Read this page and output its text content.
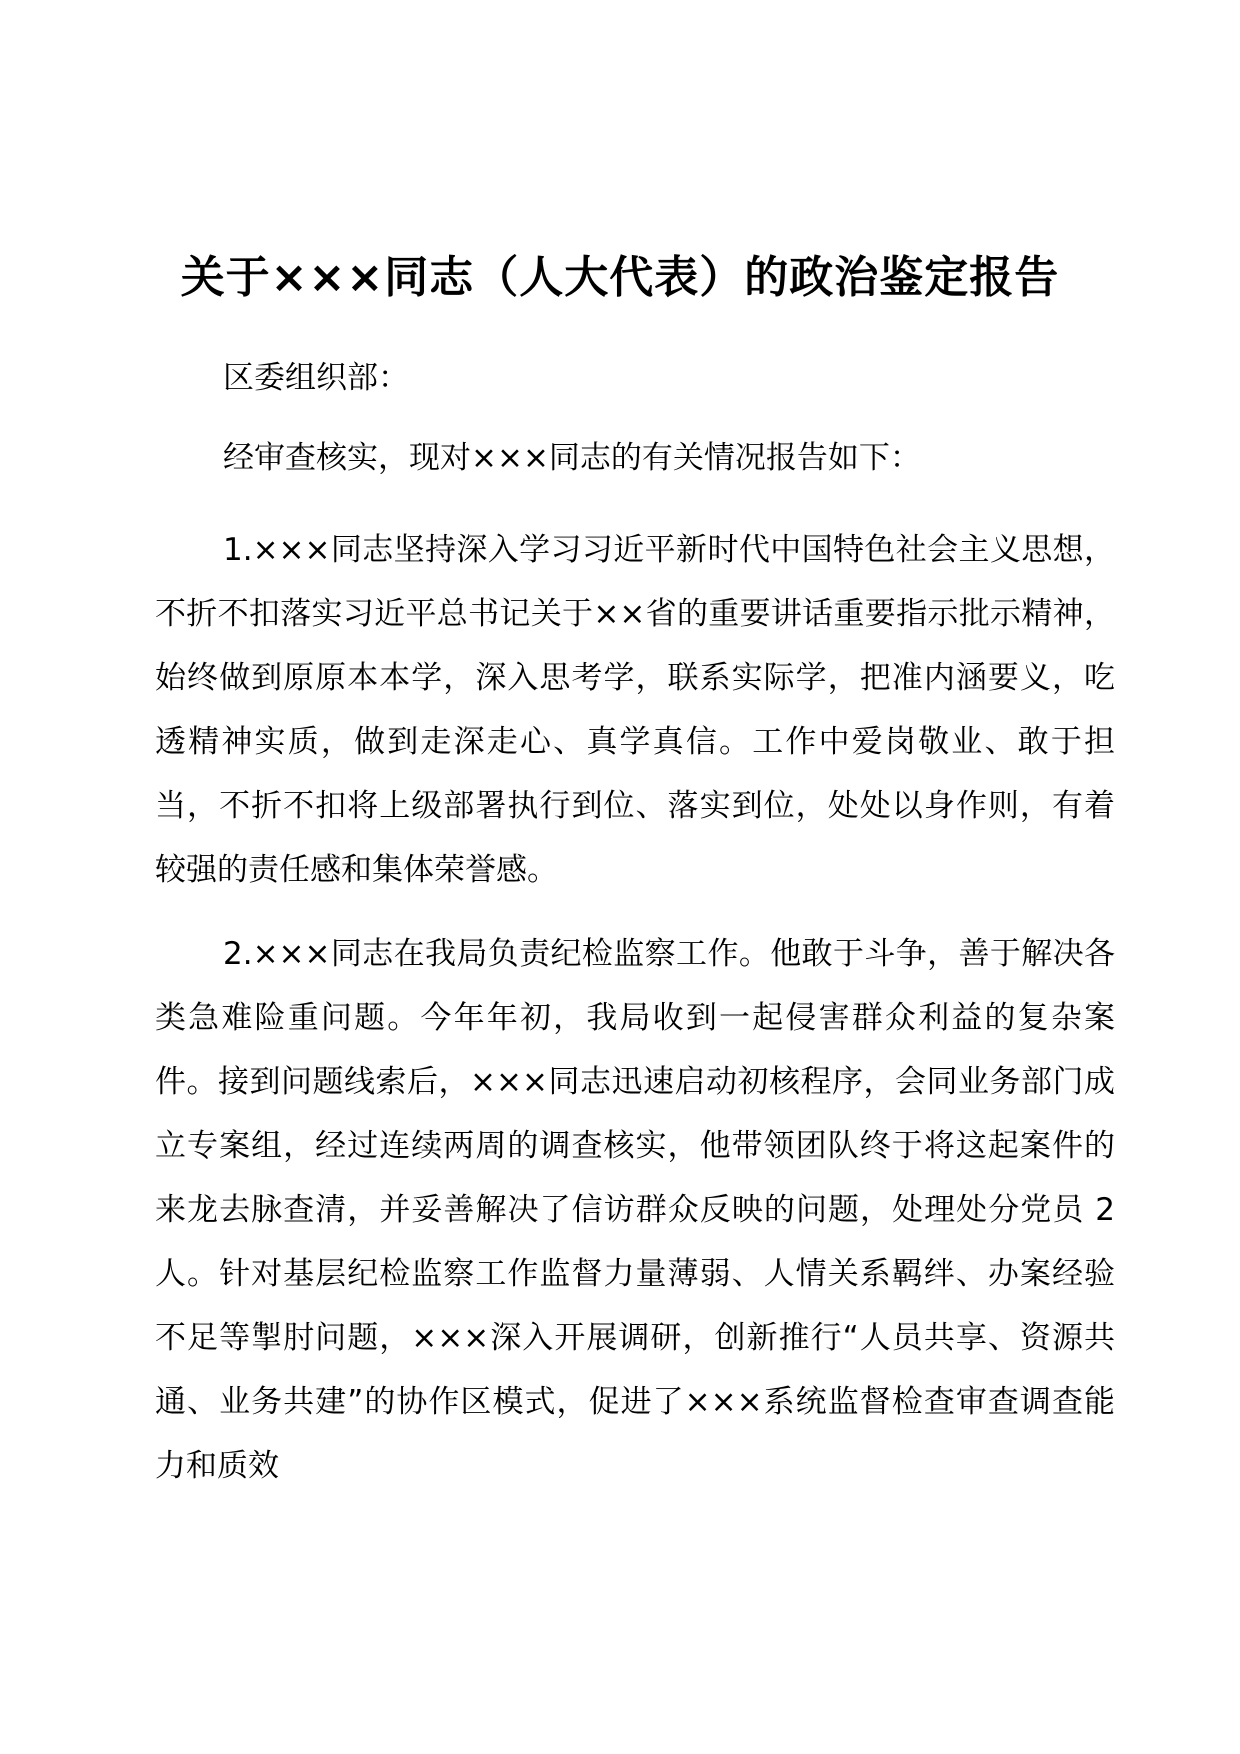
关于×××同志（人大代表）的政治鉴定报告

区委组织部：

经审查核实，现对×××同志的有关情况报告如下：

1.×××同志坚持深入学习习近平新时代中国特色社会主义思想，不折不扣落实习近平总书记关于××省的重要讲话重要指示批示精神，始终做到原原本本学，深入思考学，联系实际学，把准内涵要义，吃透精神实质，做到走深走心、真学真信。工作中爱岗敬业、敢于担当，不折不扣将上级部署执行到位、落实到位，处处以身作则，有着较强的责任感和集体荣誉感。

2.×××同志在我局负责纪检监察工作。他敢于斗争，善于解决各类急难险重问题。今年年初，我局收到一起侵害群众利益的复杂案件。接到问题线索后，×××同志迅速启动初核程序，会同业务部门成立专案组，经过连续两周的调查核实，他带领团队终于将这起案件的来龙去脉查清，并妥善解决了信访群众反映的问题，处理处分党员 2 人。针对基层纪检监察工作监督力量薄弱、人情关系羁绊、办案经验不足等掣肘问题，×××深入开展调研，创新推行“人员共享、资源共通、业务共建”的协作区模式，促进了×××系统监督检查审查调查能力和质效
